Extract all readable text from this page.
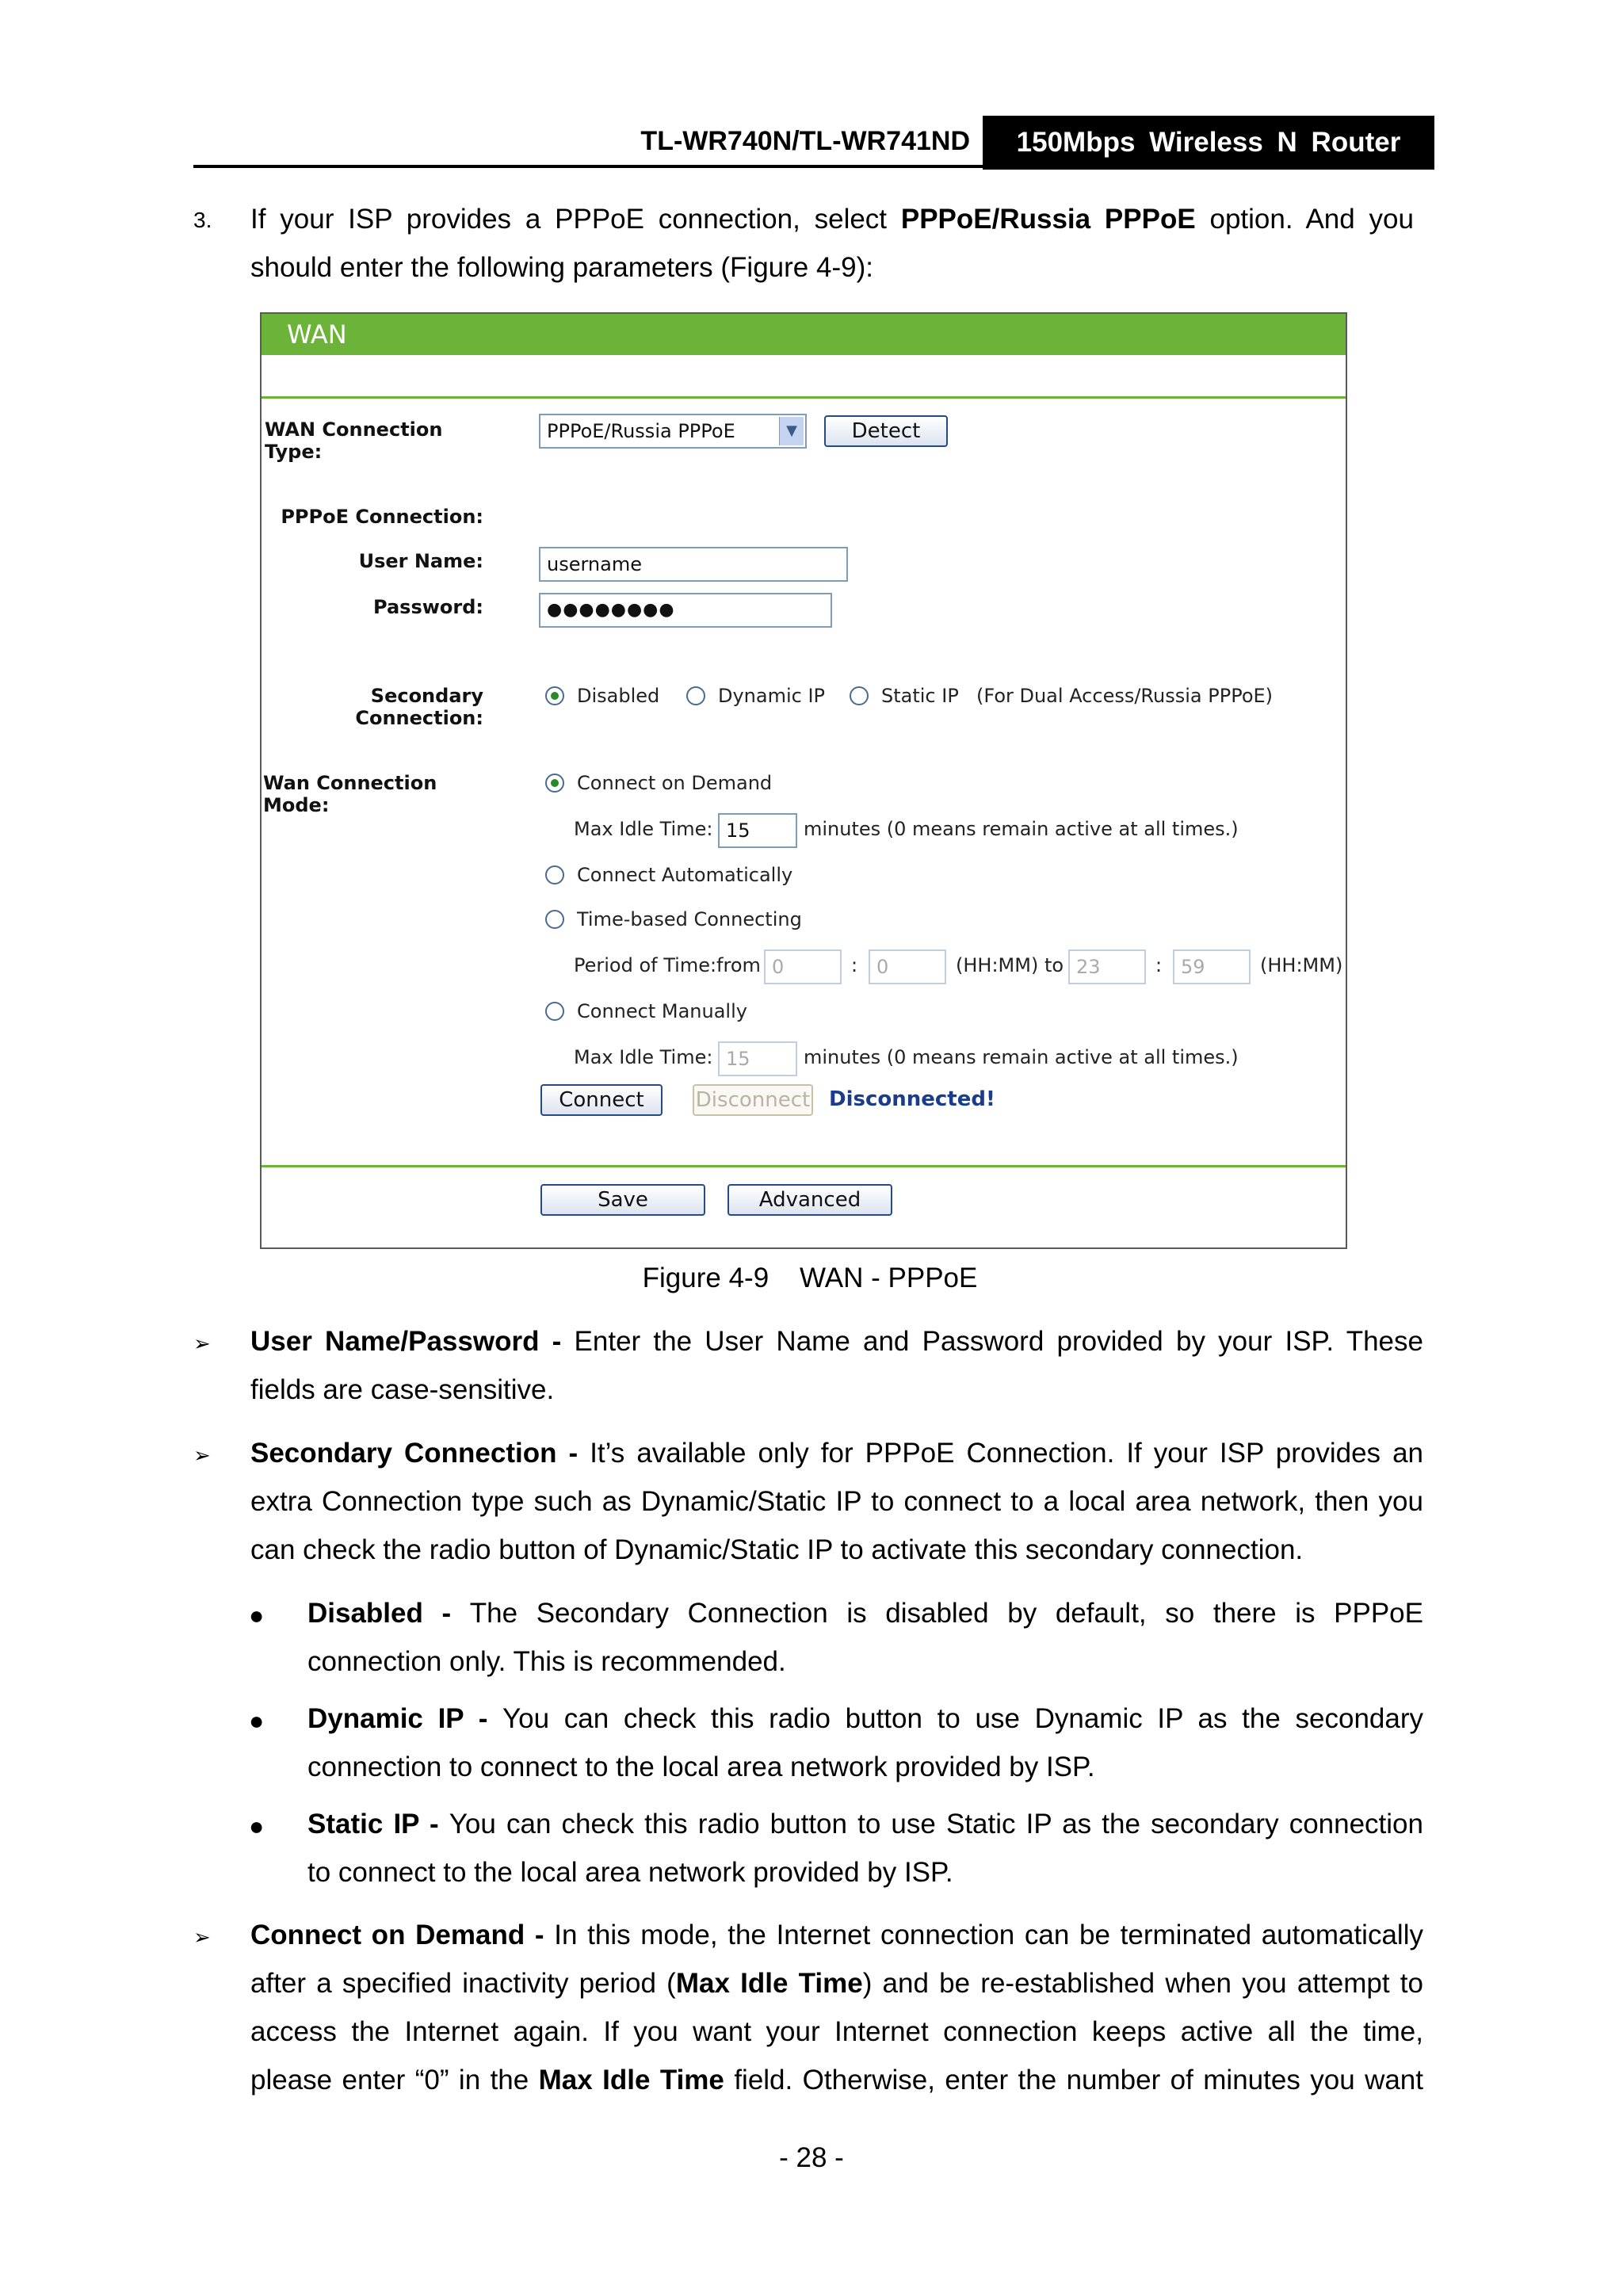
TL-WR740N/TL-WR741ND	150Mbps Wireless N Router
3. If your ISP provides a PPPoE connection, select PPPoE/Russia PPPoE option. And you
should enter the following parameters (Figure 4-9):
WAN
WAN Connection Type:
PPPoE/Russia PPPoE	▼	Detect
PPPoE Connection:
User Name:	username
Password:	●●●●●●●●
Secondary Connection:
Disabled	Dynamic IP	Static IP (For Dual Access/Russia PPPoE)
Wan Connection Mode:
Connect on Demand
Max Idle Time: 15	minutes (0 means remain active at all times.)
Connect Automatically
Time-based Connecting
Period of Time:from 0	: 0	(HH:MM) to 23	: 59	(HH:MM)
Connect Manually
Max Idle Time: 15	minutes (0 means remain active at all times.)
Connect	Disconnect Disconnected!
Save	Advanced
Figure 4-9    WAN - PPPoE
➢ User Name/Password - Enter the User Name and Password provided by your ISP. These
fields are case-sensitive.
➢ Secondary Connection - It’s available only for PPPoE Connection. If your ISP provides an
extra Connection type such as Dynamic/Static IP to connect to a local area network, then you
can check the radio button of Dynamic/Static IP to activate this secondary connection.
● Disabled - The Secondary Connection is disabled by default, so there is PPPoE
connection only. This is recommended.
● Dynamic IP - You can check this radio button to use Dynamic IP as the secondary
connection to connect to the local area network provided by ISP.
● Static IP - You can check this radio button to use Static IP as the secondary connection
to connect to the local area network provided by ISP.
➢ Connect on Demand - In this mode, the Internet connection can be terminated automatically
after a specified inactivity period (Max Idle Time) and be re-established when you attempt to
access the Internet again. If you want your Internet connection keeps active all the time,
please enter “0” in the Max Idle Time field. Otherwise, enter the number of minutes you want
- 28 -
